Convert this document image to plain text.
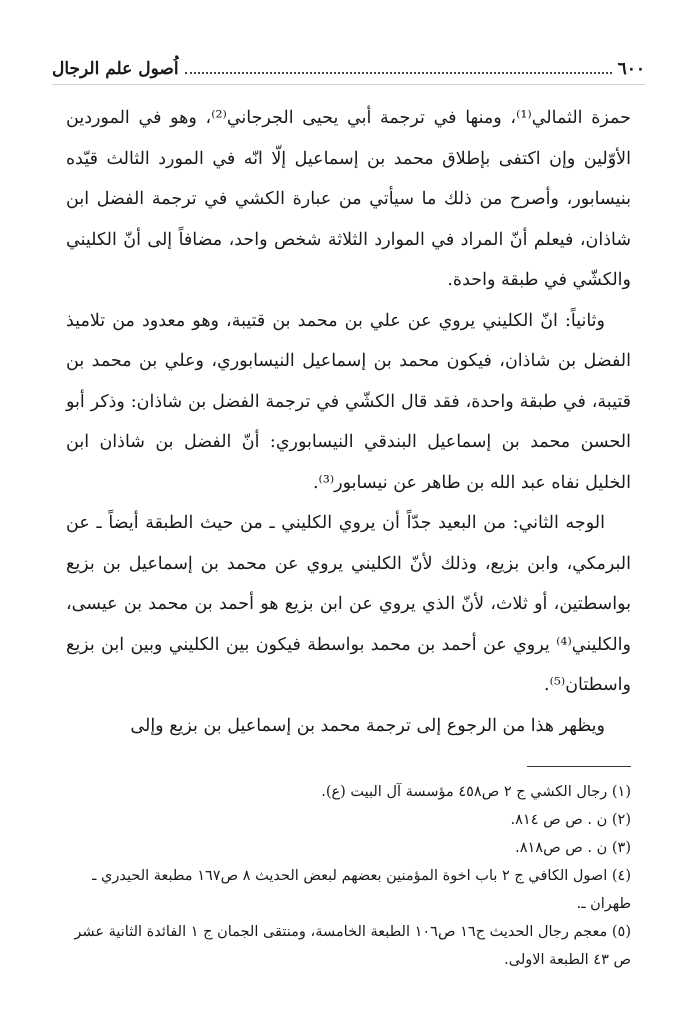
٦٠٠
اُصول علم الرجال

حمزة الثمالي⁽¹⁾، ومنها في ترجمة أبي يحيى الجرجاني⁽²⁾، وهو في الموردين الأوّلين وإن اكتفى بإطلاق محمد بن إسماعيل إلّا انّه في المورد الثالث قيّده بنيسابور، وأصرح من ذلك ما سيأتي من عبارة الكشي في ترجمة الفضل ابن شاذان، فيعلم أنّ المراد في الموارد الثلاثة شخص واحد، مضافاً إلى أنّ الكليني والكشّي في طبقة واحدة.

وثانياً: انّ الكليني يروي عن علي بن محمد بن قتيبة، وهو معدود من تلاميذ الفضل بن شاذان، فيكون محمد بن إسماعيل النيسابوري، وعلي بن محمد بن قتيبة، في طبقة واحدة، فقد قال الكشّي في ترجمة الفضل بن شاذان: وذكر أبو الحسن محمد بن إسماعيل البندقي النيسابوري: أنّ الفضل بن شاذان ابن الخليل نفاه عبد الله بن طاهر عن نيسابور⁽³⁾.

الوجه الثاني: من البعيد جدّاً أن يروي الكليني ـ من حيث الطبقة أيضاً ـ عن البرمكي، وابن بزيع، وذلك لأنّ الكليني يروي عن محمد بن إسماعيل بن بزيع بواسطتين، أو ثلاث، لأنّ الذي يروي عن ابن بزيع هو أحمد بن محمد بن عيسى، والكليني⁽⁴⁾ يروي عن أحمد بن محمد بواسطة فيكون بين الكليني وبين ابن بزيع واسطتان⁽⁵⁾.

ويظهر هذا من الرجوع إلى ترجمة محمد بن إسماعيل بن بزيع وإلى

(١) رجال الكشي ج ٢ ص٤٥٨ مؤسسة آل البيت (ع).

(٢) ن . ص ص ٨١٤.

(٣) ن . ص ص٨١٨.

(٤) اصول الكافي ج ٢ باب اخوة المؤمنين بعضهم لبعض الحديث ٨ ص١٦٧ مطبعة الحيدري ـ طهران ـ.

(٥) معجم رجال الحديث ج١٦ ص١٠٦ الطبعة الخامسة، ومنتقى الجمان ج ١ الفائدة الثانية عشر ص ٤٣ الطبعة الاولى.
